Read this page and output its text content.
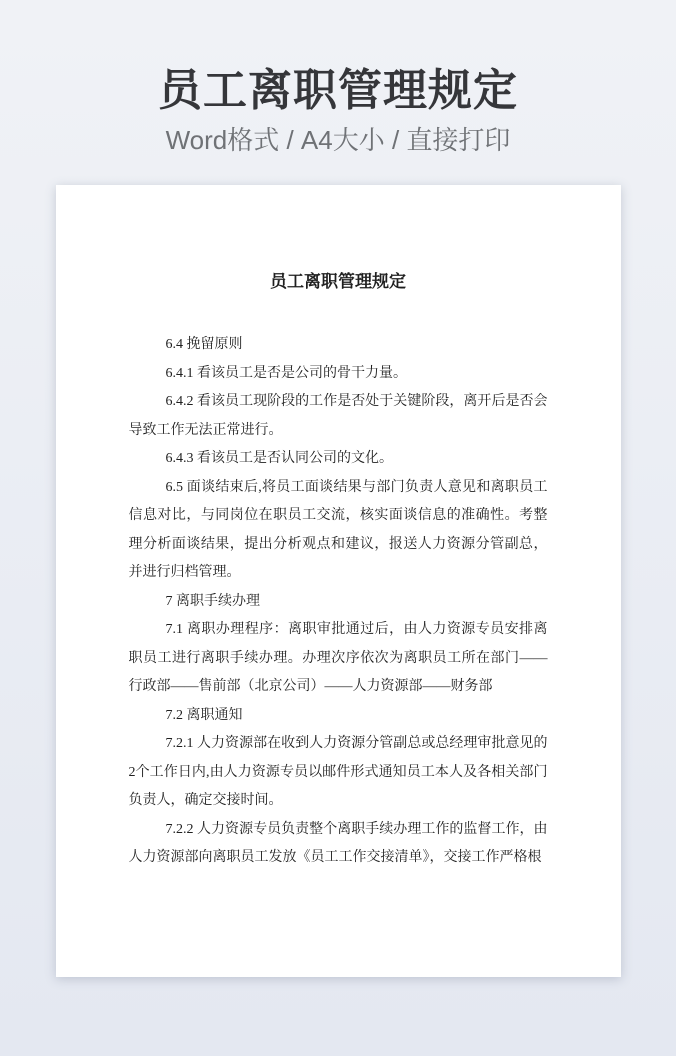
员工离职管理规定
Word格式 / A4大小 / 直接打印
员工离职管理规定

6.4 挽留原则

6.4.1 看该员工是否是公司的骨干力量。

6.4.2 看该员工现阶段的工作是否处于关键阶段，离开后是否会导致工作无法正常进行。

6.4.3 看该员工是否认同公司的文化。

6.5 面谈结束后,将员工面谈结果与部门负责人意见和离职员工信息对比，与同岗位在职员工交流，核实面谈信息的准确性。考整理分析面谈结果，提出分析观点和建议，报送人力资源分管副总，并进行归档管理。

7 离职手续办理

7.1 离职办理程序：离职审批通过后，由人力资源专员安排离职员工进行离职手续办理。办理次序依次为离职员工所在部门——行政部——售前部（北京公司）——人力资源部——财务部

7.2 离职通知

7.2.1 人力资源部在收到人力资源分管副总或总经理审批意见的2个工作日内,由人力资源专员以邮件形式通知员工本人及各相关部门负责人，确定交接时间。

7.2.2 人力资源专员负责整个离职手续办理工作的监督工作，由人力资源部向离职员工发放《员工工作交接清单》，交接工作严格根
